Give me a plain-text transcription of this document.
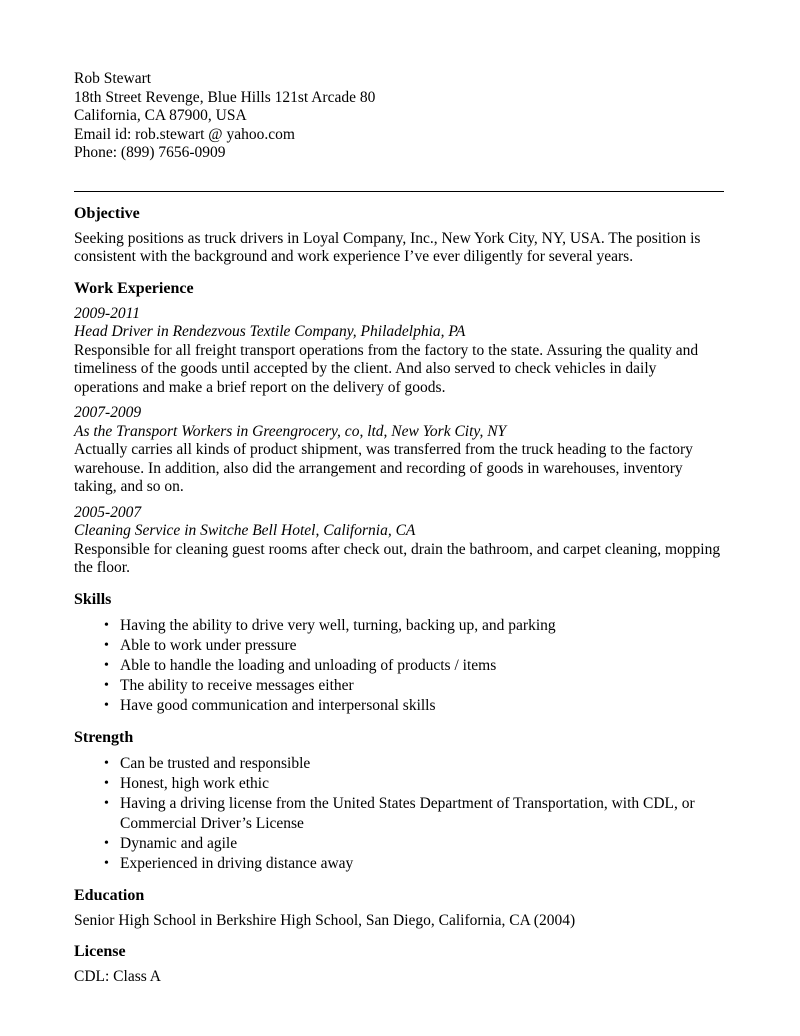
Rob Stewart

18th Street Revenge, Blue Hills 121st Arcade 80

California, CA 87900, USA

Email id: rob.stewart @ yahoo.com

Phone: (899) 7656-0909

Objective

Seeking positions as truck drivers in Loyal Company, Inc., New York City, NY, USA. The position is consistent with the background and work experience I’ve ever diligently for several years.

Work Experience

2009-2011

Head Driver in Rendezvous Textile Company, Philadelphia, PA

Responsible for all freight transport operations from the factory to the state. Assuring the quality and timeliness of the goods until accepted by the client. And also served to check vehicles in daily operations and make a brief report on the delivery of goods.

2007-2009

As the Transport Workers in Greengrocery, co, ltd, New York City, NY

Actually carries all kinds of product shipment, was transferred from the truck heading to the factory warehouse. In addition, also did the arrangement and recording of goods in warehouses, inventory taking, and so on.

2005-2007

Cleaning Service in Switche Bell Hotel, California, CA

Responsible for cleaning guest rooms after check out, drain the bathroom, and carpet cleaning, mopping the floor.

Skills
• Having the ability to drive very well, turning, backing up, and parking
• Able to work under pressure
• Able to handle the loading and unloading of products / items
• The ability to receive messages either
• Have good communication and interpersonal skills
Strength
• Can be trusted and responsible
• Honest, high work ethic
• Having a driving license from the United States Department of Transportation, with CDL, or Commercial Driver’s License
• Dynamic and agile
• Experienced in driving distance away
Education

Senior High School in Berkshire High School, San Diego, California, CA (2004)

License

CDL: Class A
